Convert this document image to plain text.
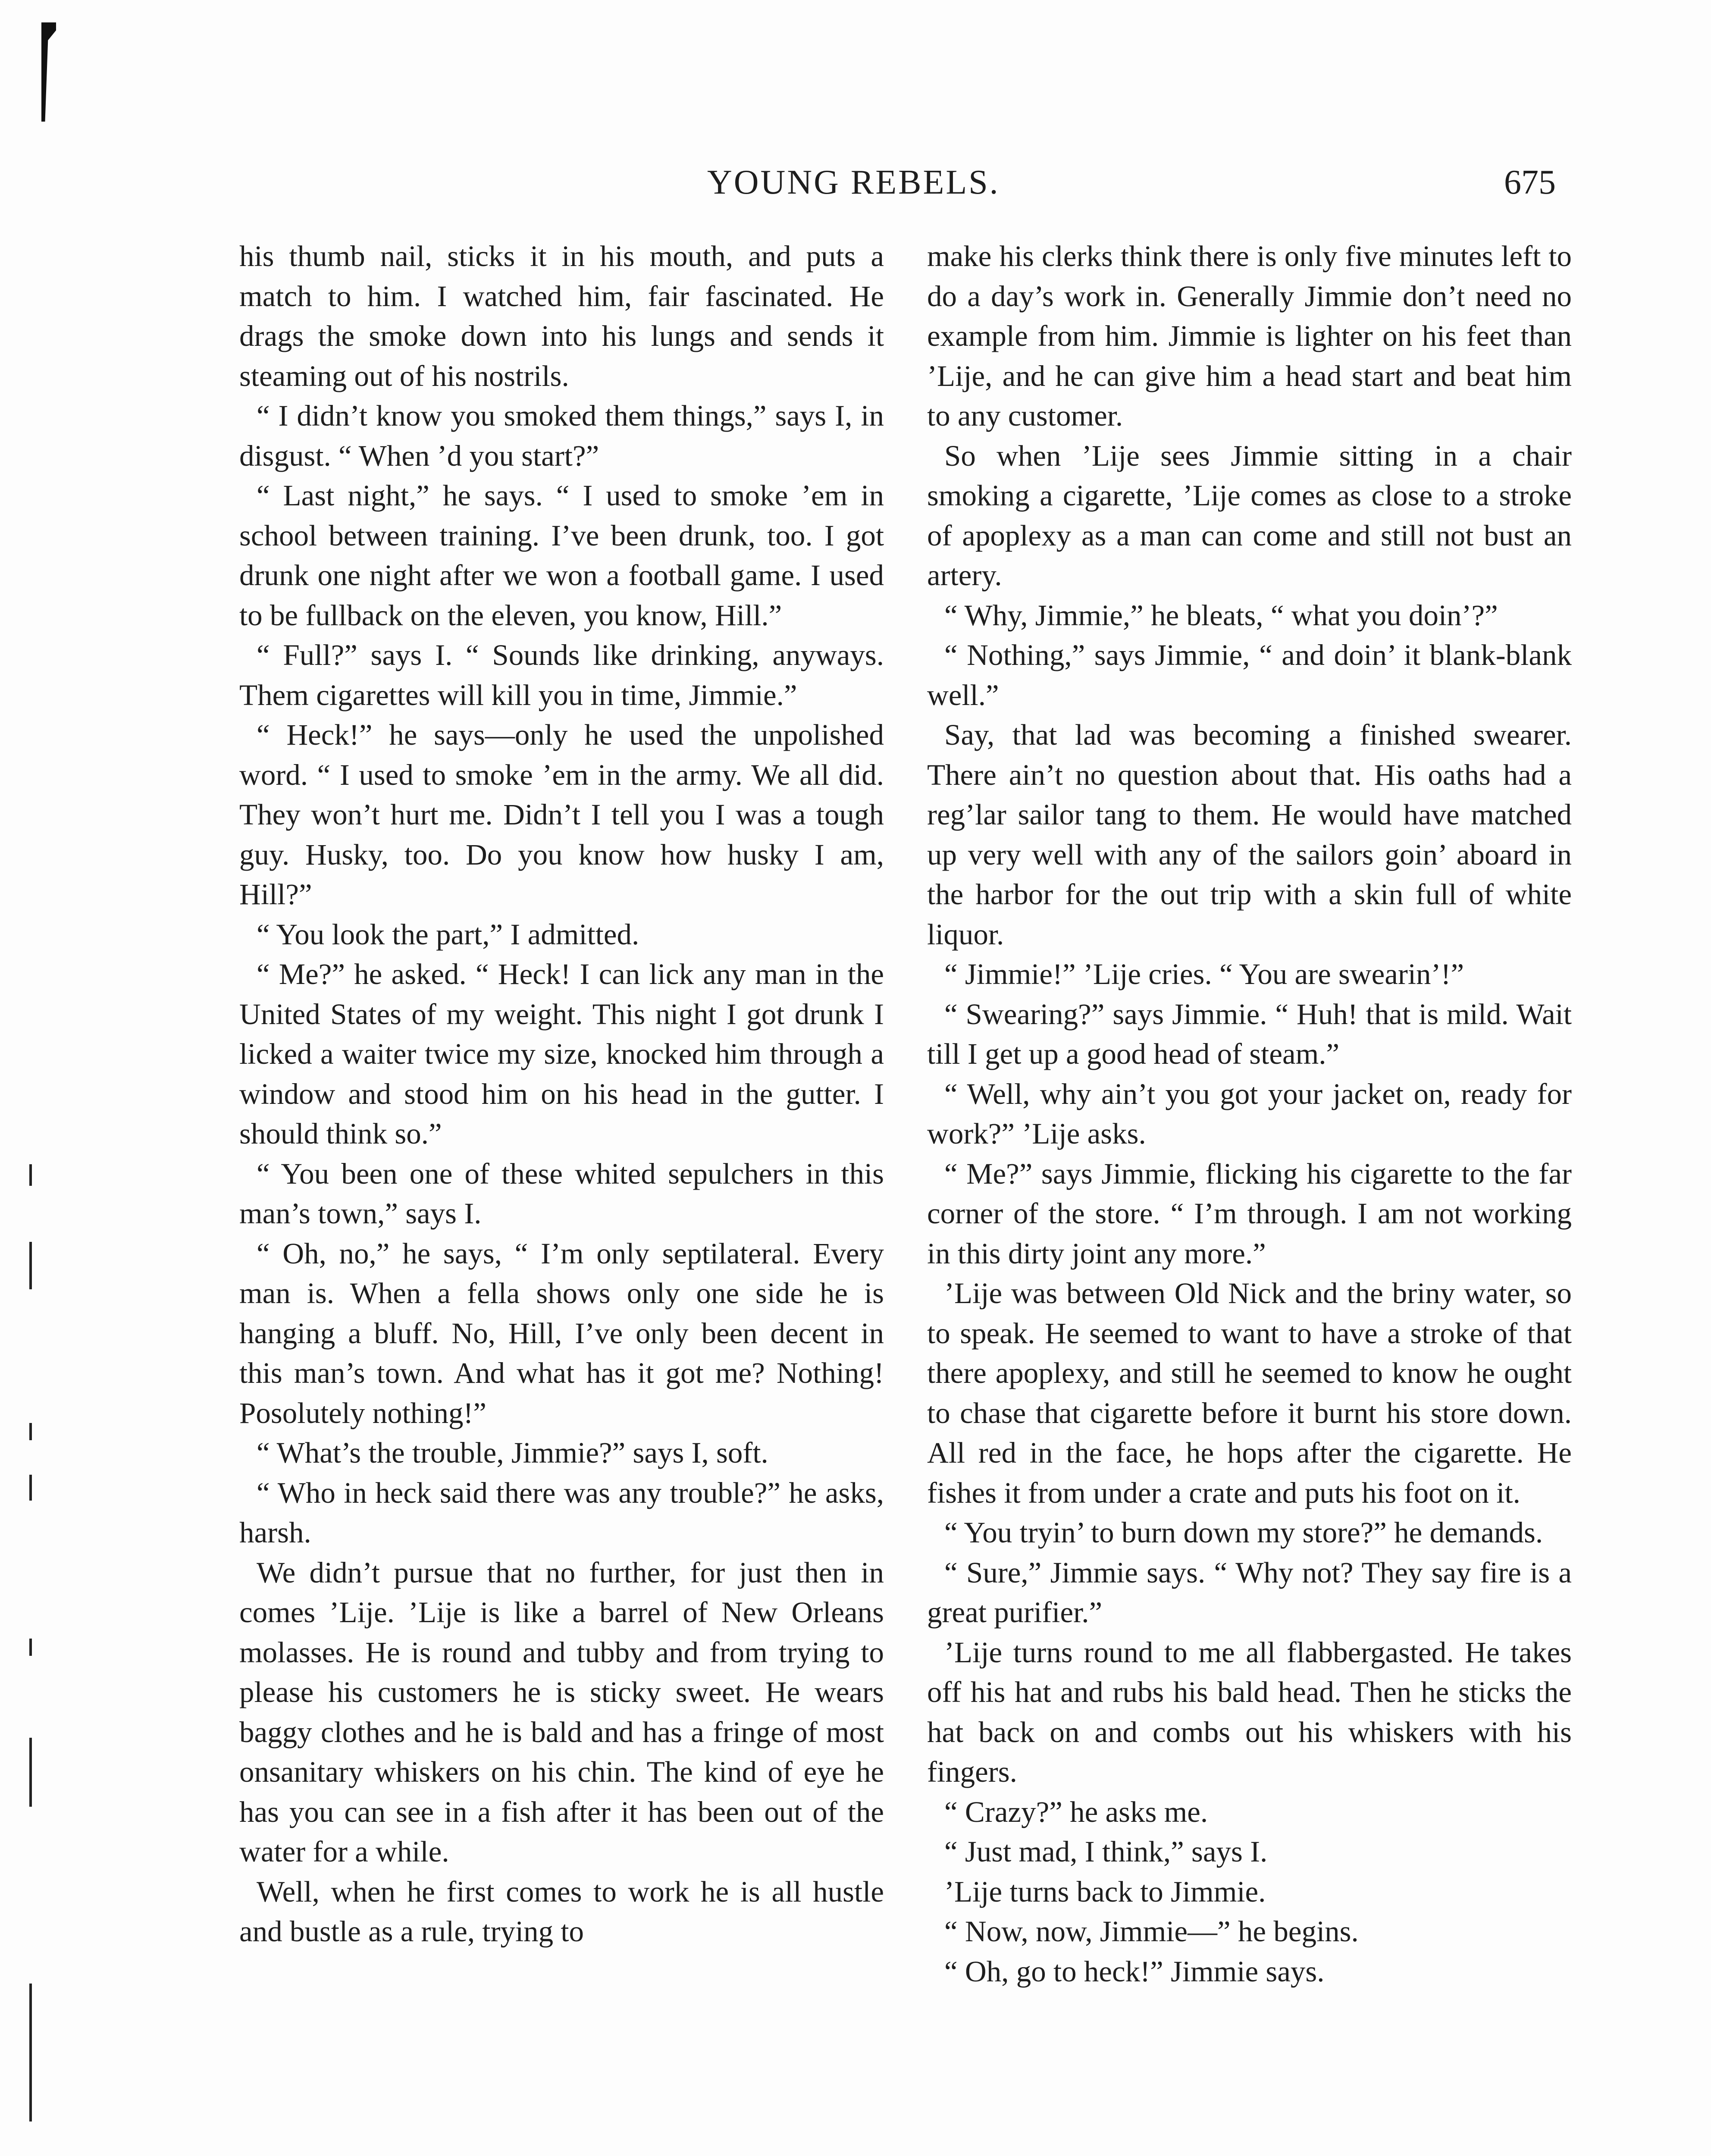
YOUNG REBELS.	675

his thumb nail, sticks it in his mouth, and puts a match to him. I watched him, fair fascinated. He drags the smoke down into his lungs and sends it steaming out of his nostrils.

“ I didn’t know you smoked them things,” says I, in disgust. “ When ’d you start?”

“ Last night,” he says. “ I used to smoke ’em in school between training. I’ve been drunk, too. I got drunk one night after we won a football game. I used to be fullback on the eleven, you know, Hill.”

“ Full?” says I. “ Sounds like drinking, anyways. Them cigarettes will kill you in time, Jimmie.”

“ Heck!” he says—only he used the unpolished word. “ I used to smoke ’em in the army. We all did. They won’t hurt me. Didn’t I tell you I was a tough guy. Husky, too. Do you know how husky I am, Hill?”

“ You look the part,” I admitted.

“ Me?” he asked. “ Heck! I can lick any man in the United States of my weight. This night I got drunk I licked a waiter twice my size, knocked him through a window and stood him on his head in the gutter. I should think so.”

“ You been one of these whited sepulchers in this man’s town,” says I.

“ Oh, no,” he says, “ I’m only septilateral. Every man is. When a fella shows only one side he is hanging a bluff. No, Hill, I’ve only been decent in this man’s town. And what has it got me? Nothing! Posolutely nothing!”

“ What’s the trouble, Jimmie?” says I, soft.

“ Who in heck said there was any trouble?” he asks, harsh.

We didn’t pursue that no further, for just then in comes ’Lije. ’Lije is like a barrel of New Orleans molasses. He is round and tubby and from trying to please his customers he is sticky sweet. He wears baggy clothes and he is bald and has a fringe of most onsanitary whiskers on his chin. The kind of eye he has you can see in a fish after it has been out of the water for a while.

Well, when he first comes to work he is all hustle and bustle as a rule, trying to

make his clerks think there is only five minutes left to do a day’s work in. Generally Jimmie don’t need no example from him. Jimmie is lighter on his feet than ’Lije, and he can give him a head start and beat him to any customer.

So when ’Lije sees Jimmie sitting in a chair smoking a cigarette, ’Lije comes as close to a stroke of apoplexy as a man can come and still not bust an artery.

“ Why, Jimmie,” he bleats, “ what you doin’?”

“ Nothing,” says Jimmie, “ and doin’ it blank-blank well.”

Say, that lad was becoming a finished swearer. There ain’t no question about that. His oaths had a reg’lar sailor tang to them. He would have matched up very well with any of the sailors goin’ aboard in the harbor for the out trip with a skin full of white liquor.

“ Jimmie!” ’Lije cries. “ You are swearin’!”

“ Swearing?” says Jimmie. “ Huh! that is mild. Wait till I get up a good head of steam.”

“ Well, why ain’t you got your jacket on, ready for work?” ’Lije asks.

“ Me?” says Jimmie, flicking his cigarette to the far corner of the store. “ I’m through. I am not working in this dirty joint any more.”

’Lije was between Old Nick and the briny water, so to speak. He seemed to want to have a stroke of that there apoplexy, and still he seemed to know he ought to chase that cigarette before it burnt his store down. All red in the face, he hops after the cigarette. He fishes it from under a crate and puts his foot on it.

“ You tryin’ to burn down my store?” he demands.

“ Sure,” Jimmie says. “ Why not? They say fire is a great purifier.”

’Lije turns round to me all flabbergasted. He takes off his hat and rubs his bald head. Then he sticks the hat back on and combs out his whiskers with his fingers.

“ Crazy?” he asks me.

“ Just mad, I think,” says I.

’Lije turns back to Jimmie.

“ Now, now, Jimmie—” he begins.

“ Oh, go to heck!” Jimmie says.
